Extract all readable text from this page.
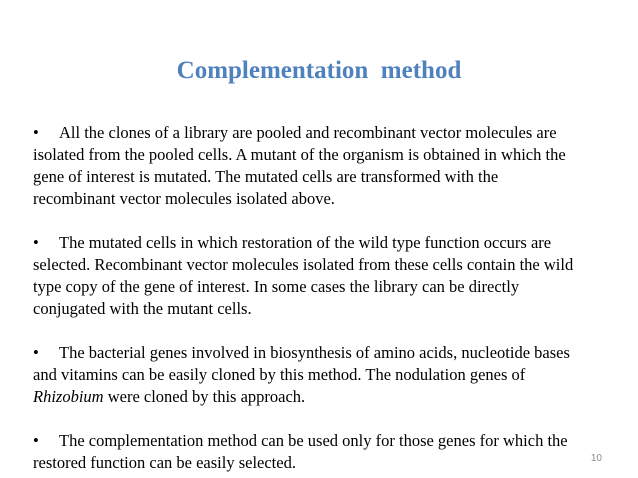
Complementation  method
• All the clones of a library are pooled and recombinant vector molecules are
isolated from the pooled cells. A mutant of the organism is obtained in which the
gene of interest is mutated. The mutated cells are transformed with the
recombinant vector molecules isolated above.
• The mutated cells in which restoration of the wild type function occurs are
selected. Recombinant vector molecules isolated from these cells contain the wild
type copy of the gene of interest. In some cases the library can be directly
conjugated with the mutant cells.
• The bacterial genes involved in biosynthesis of amino acids, nucleotide bases
and vitamins can be easily cloned by this method. The nodulation genes of
Rhizobium were cloned by this approach.
• The complementation method can be used only for those genes for which the
restored function can be easily selected.	10
